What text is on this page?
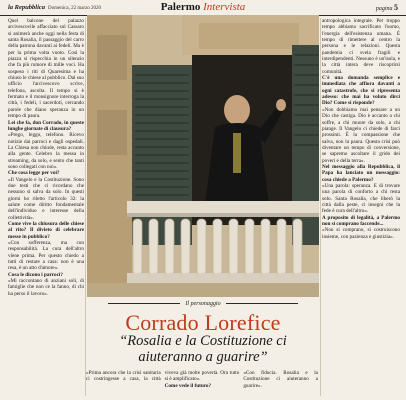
la Repubblica Domenica, 22 marzo 2020	Palermo Intervista	pagina 5

Quel balcone del palazzo arcivescovile affacciato sul Cassaro si animerà anche oggi nella festa di santa Rosalia, il passaggio del carro della patrona davanti ai fedeli. Ma è per la prima volta vuoto. Così la piazza si rispecchia in un silenzio che fa più rumore di mille voci. Ha sospeso i riti di Quaresima e ha chiuso le chiese al pubblico. Dal suo ufficio l'arcivescovo scrive, telefona, ascolta. Il tempo si è fermato e il monsignore interroga la città, i fedeli, i sacerdoti, cercando parole che diano speranza in un tempo di paura.

Lei che fa, don Corrado, in queste lunghe giornate di clausura?

«Prego, leggo, telefono. Ricevo notizie dai parroci e dagli ospedali. La Chiesa non chiude, resta accanto alla gente. Celebro la messa in streaming, da solo, e sento che tanti sono collegati con noi».

Che cosa legge per voi?

«Il Vangelo e la Costituzione. Sono due testi che ci ricordano che nessuno si salva da solo. In questi giorni ho riletto l'articolo 32: la salute come diritto fondamentale dell'individuo e interesse della collettività».

Come vive la chiusura delle chiese al rito? Il divieto di celebrare messe in pubblico?

«Con sofferenza, ma con responsabilità. La cura dell'altro viene prima. Per questo chiedo a tutti di restare a casa: non è una resa, è un atto d'amore».

Cosa le dicono i parroci?

«Mi raccontano di anziani soli, di famiglie che non ce la fanno, di chi ha perso il lavoro».

Il personaggio
Corrado Lorefice
“Rosalia e la Costituzione ci aiuteranno a guarire”

«Prima ancora che la crisi sanitaria ci costringesse a casa, la città viveva già molte povertà. Ora tutto si è amplificato».

Come vede il futuro?

«Con fiducia. Rosalia e la Costituzione ci aiuteranno a guarire».

antropologica integrale. Per troppo tempo abbiamo sacrificato l'uomo, l'energia dell'esistenza umana. È tempo di rimettere al centro la persona e le relazioni. Questa pandemia ci svela fragili e interdipendenti. Nessuno è un'isola, e la città intera deve riscoprirsi comunità.

C'è una domanda semplice e immediata che affiora davanti a ogni catastrofe, che si ripresenta adesso: che mai ha voluto dirci Dio? Come si risponde?

«Non dobbiamo mai pensare a un Dio che castiga. Dio è accanto a chi soffre, a chi muore da solo, a chi piange. Il Vangelo ci chiede di farci prossimi. È la compassione che salva, non la paura. Questa crisi può diventare un tempo di conversione, se sapremo ascoltare il grido dei poveri e della terra».

Nel messaggio alla Repubblica, il Papa ha lanciato un messaggio: cosa chiede a Palermo?

«Una parola: speranza. E di trovare una parola di conforto a chi resta solo. Santa Rosalia, che liberò la città dalla peste, ci insegni che la fede è cura dell'altro».

A proposito di legalità, a Palermo non si comprano faccende...

«Non si comprano, si costruiscono insieme, con pazienza e giustizia».
